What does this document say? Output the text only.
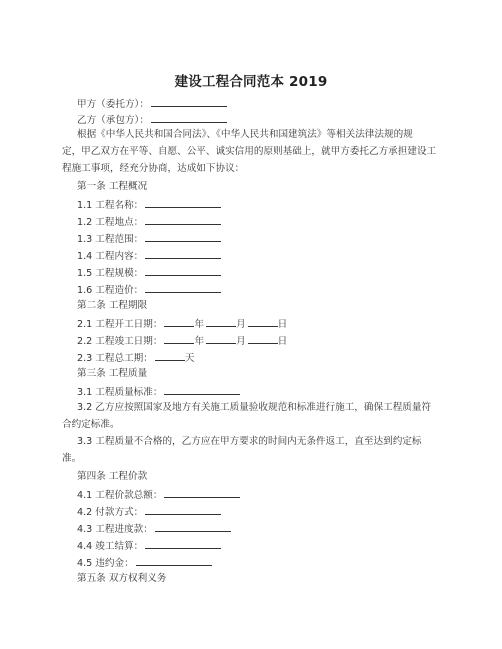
建设工程合同范本 2019
甲方（委托方）：
乙方（承包方）：
根据《中华人民共和国合同法》、《中华人民共和国建筑法》等相关法律法规的规
定，甲乙双方在平等、自愿、公平、诚实信用的原则基础上，就甲方委托乙方承担建设工
程施工事项，经充分协商，达成如下协议：
第一条 工程概况
1.1 工程名称：
1.2 工程地点：
1.3 工程范围：
1.4 工程内容：
1.5 工程规模：
1.6 工程造价：
第二条 工程期限
2.1 工程开工日期：	年	月	日
2.2 工程竣工日期：	年	月	日
2.3 工程总工期：	天
第三条 工程质量
3.1 工程质量标准：
3.2 乙方应按照国家及地方有关施工质量验收规范和标准进行施工，确保工程质量符
合约定标准。
3.3 工程质量不合格的，乙方应在甲方要求的时间内无条件返工，直至达到约定标
准。
第四条 工程价款
4.1 工程价款总额：
4.2 付款方式：
4.3 工程进度款：
4.4 竣工结算：
4.5 违约金：
第五条 双方权利义务
